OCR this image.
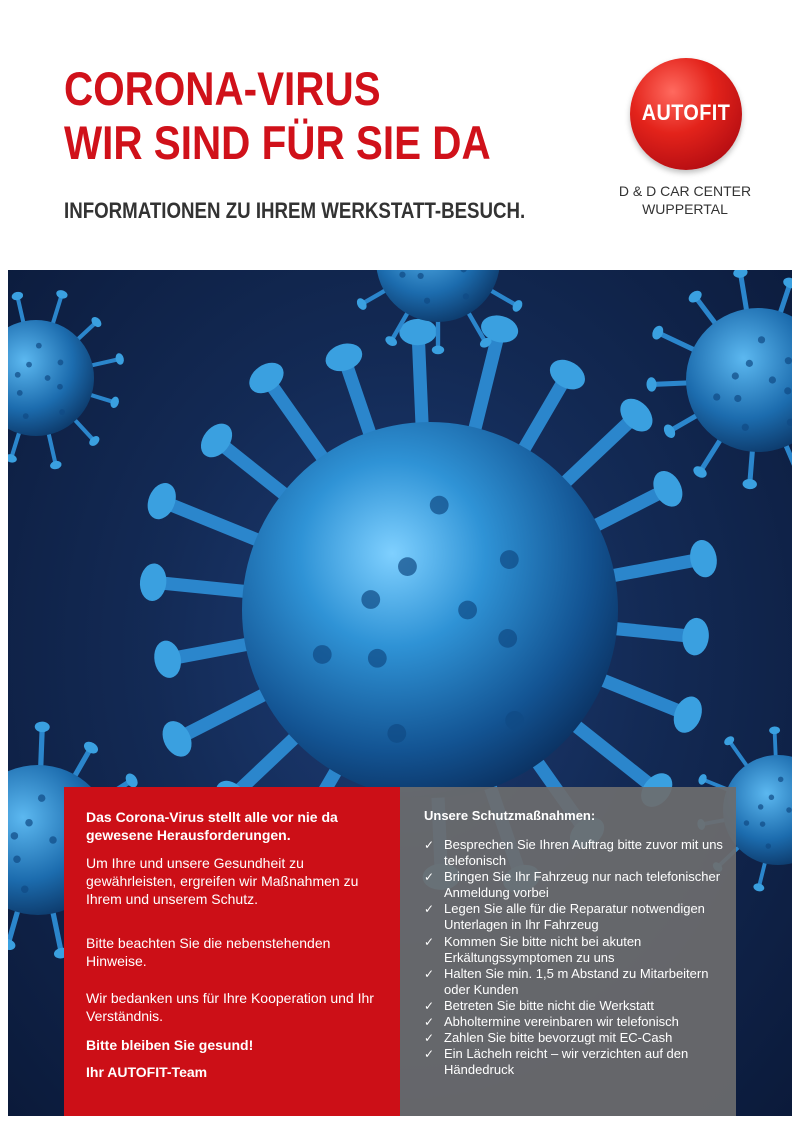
CORONA-VIRUS
WIR SIND FÜR SIE DA
INFORMATIONEN ZU IHREM WERKSTATT-BESUCH.
AUTOFIT
D & D CAR CENTER
WUPPERTAL
Das Corona-Virus stellt alle vor nie da gewesene Herausforderungen.
Um Ihre und unsere Gesundheit zu gewährleisten, ergreifen wir Maßnahmen zu Ihrem und unserem Schutz.
Bitte beachten Sie die nebenstehenden Hinweise.
Wir bedanken uns für Ihre Kooperation und Ihr Verständnis.
Bitte bleiben Sie gesund!
Ihr AUTOFIT-Team
Unsere Schutzmaßnahmen:
✓ Besprechen Sie Ihren Auftrag bitte zuvor mit uns telefonisch
✓ Bringen Sie Ihr Fahrzeug nur nach telefonischer Anmeldung vorbei
✓ Legen Sie alle für die Reparatur notwendigen Unterlagen in Ihr Fahrzeug
✓ Kommen Sie bitte nicht bei akuten Erkältungssymptomen zu uns
✓ Halten Sie min. 1,5 m Abstand zu Mitarbeitern oder Kunden
✓ Betreten Sie bitte nicht die Werkstatt
✓ Abholtermine vereinbaren wir telefonisch
✓ Zahlen Sie bitte bevorzugt mit EC-Cash
✓ Ein Lächeln reicht – wir verzichten auf den Händedruck
